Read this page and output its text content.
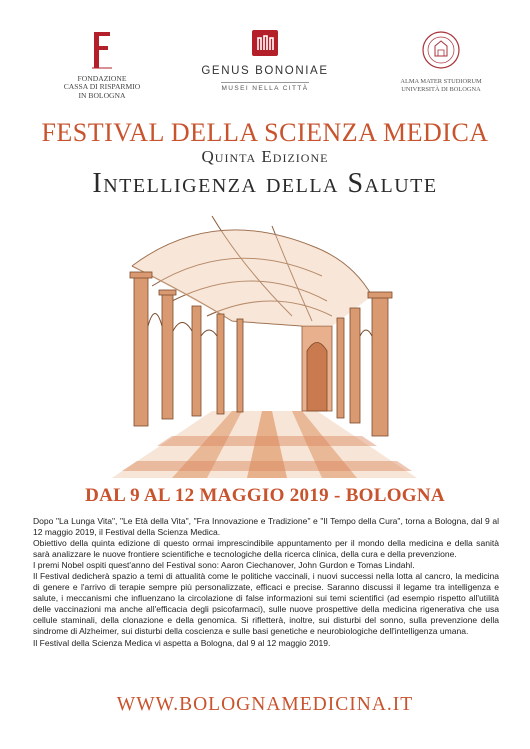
FONDAZIONE
CASSA DI RISPARMIO
IN BOLOGNA
GENUS BONONIAE
MUSEI NELLA CITTÀ
ALMA MATER STUDIORUM
UNIVERSITÀ DI BOLOGNA
FESTIVAL DELLA SCIENZA MEDICA
Quinta Edizione
Intelligenza della Salute
DAL 9 AL 12 MAGGIO 2019 - BOLOGNA

Dopo "La Lunga Vita", "Le Età della Vita", "Fra Innovazione e Tradizione" e "Il Tempo della Cura", torna a Bologna, dal 9 al 12 maggio 2019, il Festival della Scienza Medica.

Obiettivo della quinta edizione di questo ormai imprescindibile appuntamento per il mondo della medicina e della sanità sarà analizzare le nuove frontiere scientifiche e tecnologiche della ricerca clinica, della cura e della prevenzione.

I premi Nobel ospiti quest'anno del Festival sono: Aaron Ciechanover, John Gurdon e Tomas Lindahl.

Il Festival dedicherà spazio a temi di attualità come le politiche vaccinali, i nuovi successi nella lotta al cancro, la medicina di genere e l'arrivo di terapie sempre più personalizzate, efficaci e precise. Saranno discussi il legame tra intelligenza e salute, i meccanismi che influenzano la circolazione di false informazioni sui temi scientifici (ad esempio rispetto all'utilità delle vaccinazioni ma anche all'efficacia degli psicofarmaci), sulle nuove prospettive della medicina rigenerativa che usa cellule staminali, della clonazione e della genomica. Si rifletterà, inoltre, sui disturbi del sonno, sulla prevenzione della sindrome di Alzheimer, sui disturbi della coscienza e sulle basi genetiche e neurobiologiche dell'intelligenza umana.

Il Festival della Scienza Medica vi aspetta a Bologna, dal 9 al 12 maggio 2019.

WWW.BOLOGNAMEDICINA.IT
